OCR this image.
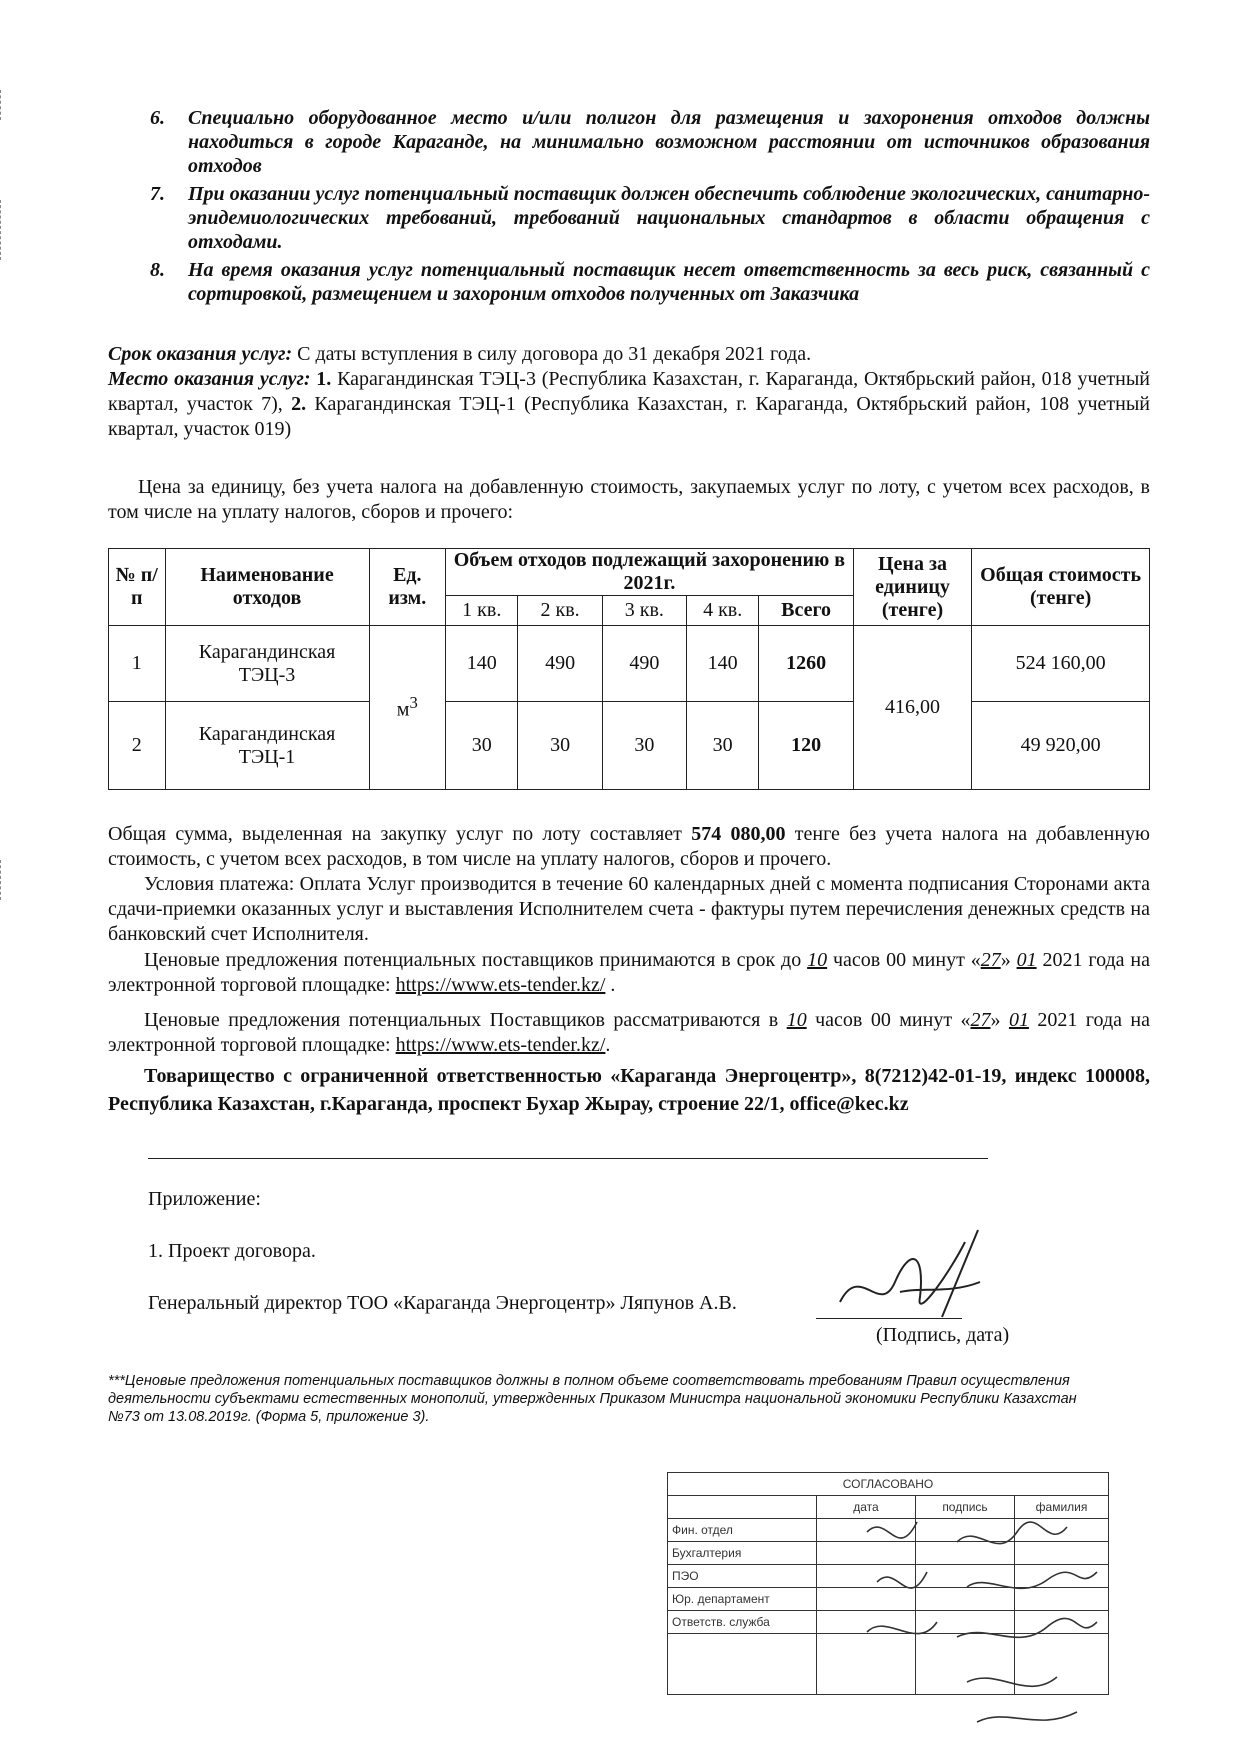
6. Специально оборудованное место и/или полигон для размещения и захоронения отходов должны находиться в городе Караганде, на минимально возможном расстоянии от источников образования отходов
7. При оказании услуг потенциальный поставщик должен обеспечить соблюдение экологических, санитарно-эпидемиологических требований, требований национальных стандартов в области обращения с отходами.
8. На время оказания услуг потенциальный поставщик несет ответственность за весь риск, связанный с сортировкой, размещением и захороним отходов полученных от Заказчика
Срок оказания услуг: С даты вступления в силу договора до 31 декабря 2021 года.
Место оказания услуг: 1. Карагандинская ТЭЦ-3 (Республика Казахстан, г. Караганда, Октябрьский район, 018 учетный квартал, участок 7), 2. Карагандинская ТЭЦ-1 (Республика Казахстан, г. Караганда, Октябрьский район, 108 учетный квартал, участок 019)
Цена за единицу, без учета налога на добавленную стоимость, закупаемых услуг по лоту, с учетом всех расходов, в том числе на уплату налогов, сборов и прочего:
№ п/п	Наименование отходов	Ед. изм.	Объем отходов подлежащий захоронению в 2021г.					Цена за единицу (тенге)	Общая стоимость (тенге)
			1 кв.	2 кв.	3 кв.	4 кв.	Всего		
1	Карагандинская ТЭЦ-3	$м^3$	140	490	490	140	1260	416,00	524 160,00
2	Карагандинская ТЭЦ-1		30	30	30	30	120		49 920,00
Общая сумма, выделенная на закупку услуг по лоту составляет 574 080,00 тенге без учета налога на добавленную стоимость, с учетом всех расходов, в том числе на уплату налогов, сборов и прочего.
Условия платежа: Оплата Услуг производится в течение 60 календарных дней с момента подписания Сторонами акта сдачи-приемки оказанных услуг и выставления Исполнителем счета - фактуры путем перечисления денежных средств на банковский счет Исполнителя.
Ценовые предложения потенциальных поставщиков принимаются в срок до 10 часов 00 минут «27» 01 2021 года на электронной торговой площадке: https://www.ets-tender.kz/ .
Ценовые предложения потенциальных Поставщиков рассматриваются в 10 часов 00 минут «27» 01 2021 года на электронной торговой площадке: https://www.ets-tender.kz/.
Товарищество с ограниченной ответственностью «Караганда Энергоцентр», 8(7212)42-01-19, индекс 100008, Республика Казахстан, г.Караганда, проспект Бухар Жырау, строение 22/1, office@kec.kz
Приложение:
1. Проект договора.
Генеральный директор ТОО «Караганда Энергоцентр» Ляпунов А.В.
(Подпись, дата)
***Ценовые предложения потенциальных поставщиков должны в полном объеме соответствовать требованиям Правил осуществления деятельности субъектами естественных монополий, утвержденных Приказом Министра национальной экономики Республики Казахстан №73 от 13.08.2019г. (Форма 5, приложение 3).
СОГЛАСОВАНО			
	дата	подпись	фамилия
Фин. отдел			
Бухгалтерия			
ПЭО			
Юр. департамент			
Ответств. служба			
